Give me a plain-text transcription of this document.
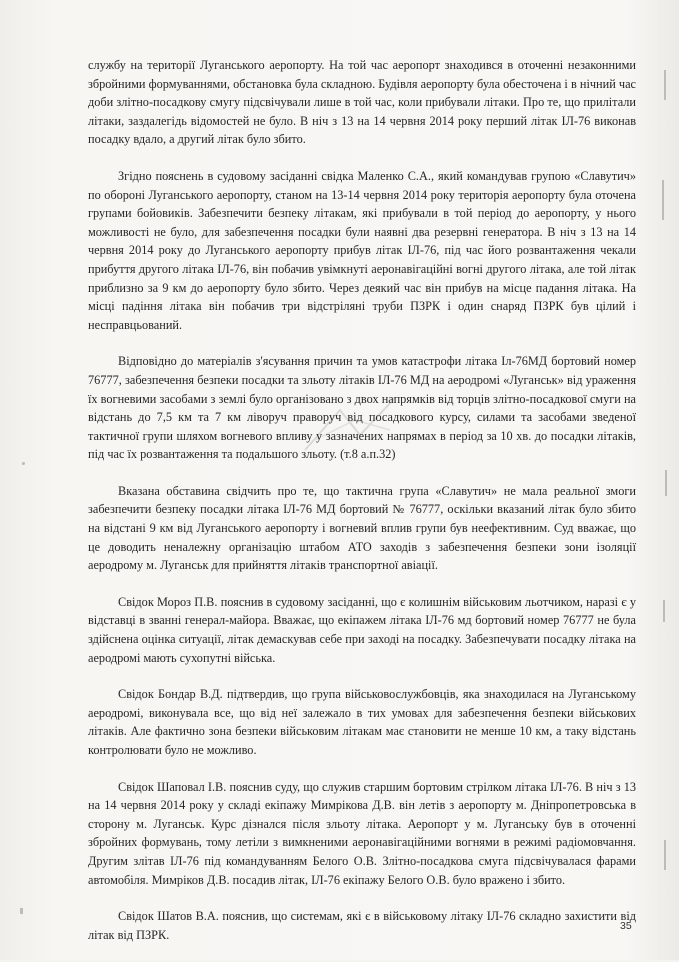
службу на території Луганського аеропорту. На той час аеропорт знаходився в оточенні незаконними збройними формуваннями, обстановка була складною. Будівля аеропорту була обесточена і в нічний час доби злітно-посадкову смугу підсвічували лише в той час, коли прибували літаки. Про те, що прилітали літаки, заздалегідь відомостей не було. В ніч з 13 на 14 червня 2014 року перший літак ІЛ-76 виконав посадку вдало, а другий літак було збито.

Згідно пояснень в судовому засіданні свідка Маленко С.А., який командував групою «Славутич» по обороні Луганського аеропорту, станом на 13-14 червня 2014 року територія аеропорту була оточена групами бойовиків. Забезпечити безпеку літакам, які прибували в той період до аеропорту, у нього можливості не було, для забезпечення посадки були наявні два резервні генератора. В ніч з 13 на 14 червня 2014 року до Луганського аеропорту прибув літак ІЛ-76, під час його розвантаження чекали прибуття другого літака ІЛ-76, він побачив увімкнуті аеронавігаційні вогні другого літака, але той літак приблизно за 9 км до аеропорту було збито. Через деякий час він прибув на місце падання літака. На місці падіння літака він побачив три відстріляні труби ПЗРК і один снаряд ПЗРК був цілий і несправцьований.

Відповідно до матеріалів з'ясування причин та умов катастрофи літака Іл-76МД бортовий номер 76777, забезпечення безпеки посадки та зльоту літаків ІЛ-76 МД на аеродромі «Луганськ» від ураження їх вогневими засобами з землі було організовано з двох напрямків від торців злітно-посадкової смуги на відстань до 7,5 км та 7 км ліворуч праворуч від посадкового курсу, силами та засобами зведеної тактичної групи шляхом вогневого впливу у зазначених напрямах в період за 10 хв. до посадки літаків, під час їх розвантаження та подальшого зльоту. (т.8 а.п.32)

Вказана обставина свідчить про те, що тактична група «Славутич» не мала реальної змоги забезпечити безпеку посадки літака ІЛ-76 МД бортовий № 76777, оскільки вказаний літак було збито на відстані 9 км від Луганського аеропорту і вогневий вплив групи був неефективним. Суд вважає, що це доводить неналежну організацію штабом АТО заходів з забезпечення безпеки зони ізоляції аеродрому м. Луганськ для прийняття літаків транспортної авіації.

Свідок Мороз П.В. пояснив в судовому засіданні, що є колишнім військовим льотчиком, наразі є у відставці в званні генерал-майора. Вважає, що екіпажем літака ІЛ-76 мд бортовий номер 76777 не була здійснена оцінка ситуації, літак демаскував себе при заході на посадку. Забезпечувати посадку літака на аеродромі мають сухопутні війська.

Свідок Бондар В.Д. підтвердив, що група військовослужбовців, яка знаходилася на Луганському аеродромі, виконувала все, що від неї залежало в тих умовах для забезпечення безпеки військових літаків. Але фактично зона безпеки військовим літакам має становити не менше 10 км, а таку відстань контролювати було не можливо.

Свідок Шаповал І.В. пояснив суду, що служив старшим бортовим стрілком літака ІЛ-76. В ніч з 13 на 14 червня 2014 року у складі екіпажу Мимрікова Д.В. він летів з аеропорту м. Дніпропетровська в сторону м. Луганськ. Курс дізнался після зльоту літака. Аеропорт у м. Луганську був в оточенні збройних формувань, тому летіли з вимкненими аеронавігаційними вогнями в режимі радіомовчання. Другим злітав ІЛ-76 під командуванням Белого О.В. Злітно-посадкова смуга підсвічувалася фарами автомобіля. Мимріков Д.В. посадив літак, ІЛ-76 екіпажу Белого О.В. було вражено і збито.

Свідок Шатов В.А. пояснив, що системам, які є в військовому літаку ІЛ-76 складно захистити від літак від ПЗРК.

35
